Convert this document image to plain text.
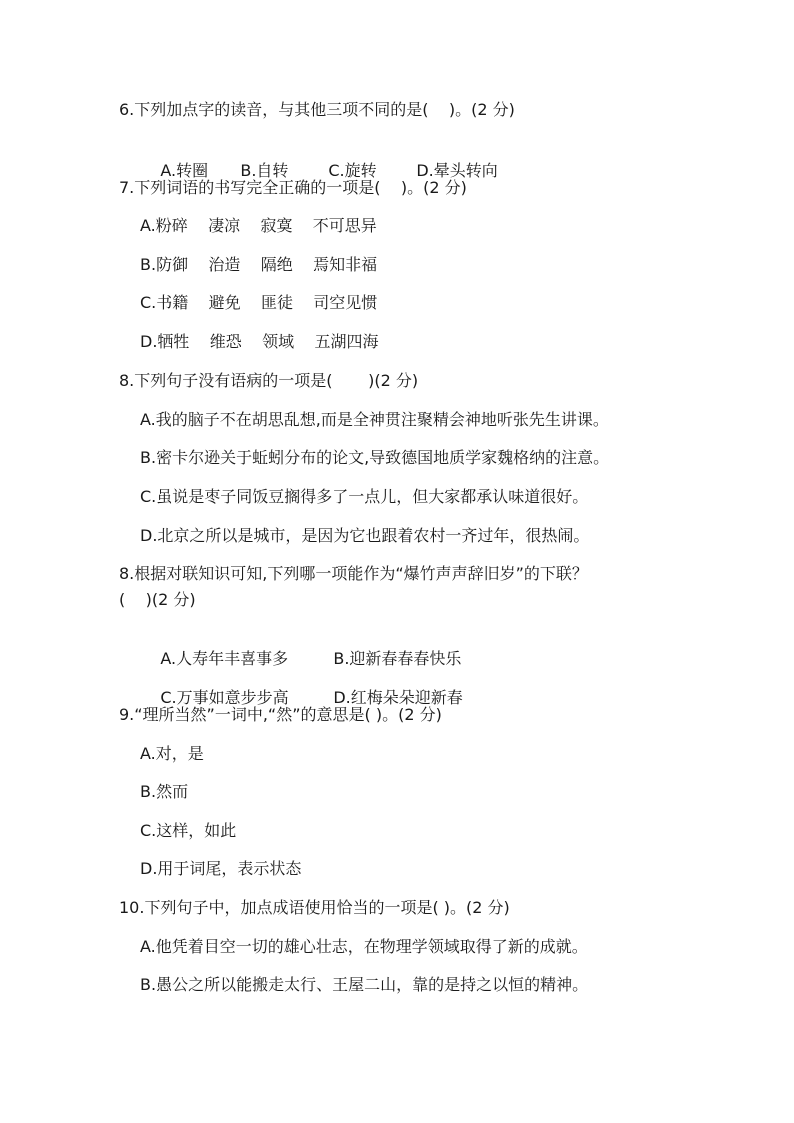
6.下列加点字的读音，与其他三项不同的是(    )。(2 分)

A.转圈 B.自转 C.旋转 D.晕头转向

7.下列词语的书写完全正确的一项是(    )。(2 分)
A.粉碎    凄凉    寂寞    不可思异
B.防御    治造    隔绝    焉知非福
C.书籍    避免    匪徒    司空见惯
D.牺牲    维恐    领域    五湖四海
8.下列句子没有语病的一项是(       )(2 分)
A.我的脑子不在胡思乱想,而是全神贯注聚精会神地听张先生讲课。
B.密卡尔逊关于蚯蚓分布的论文,导致德国地质学家魏格纳的注意。
C.虽说是枣子同饭豆搁得多了一点儿，但大家都承认味道很好。
D.北京之所以是城市，是因为它也跟着农村一齐过年，很热闹。
8.根据对联知识可知,下列哪一项能作为“爆竹声声辞旧岁”的下联？
(    )(2 分)

A.人寿年丰喜事多	B.迎新春春春快乐

C.万事如意步步高	D.红梅朵朵迎新春

9.“理所当然”一词中,“然”的意思是( )。(2 分)
A.对，是
B.然而
C.这样，如此
D.用于词尾，表示状态
10.下列句子中，加点成语使用恰当的一项是( )。(2 分)
A.他凭着目空一切的雄心壮志，在物理学领域取得了新的成就。
B.愚公之所以能搬走太行、王屋二山，靠的是持之以恒的精神。
